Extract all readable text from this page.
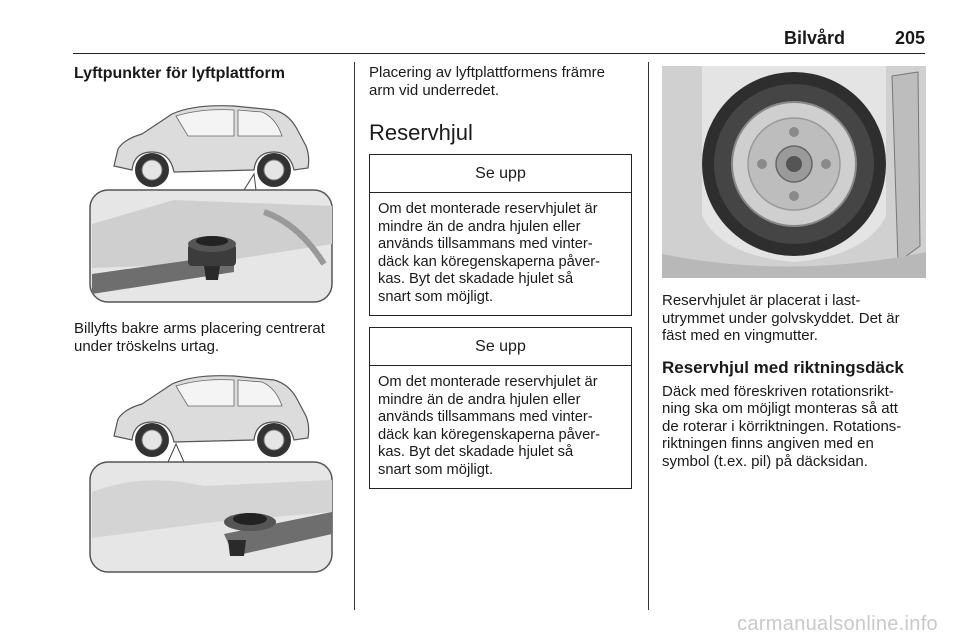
Bilvård	205
Lyftpunkter för lyftplattform
Billyfts bakre arms placering centrerat
under tröskelns urtag.
Placering av lyftplattformens främre
arm vid underredet.
Reservhjul
Se upp
Om det monterade reservhjulet är
mindre än de andra hjulen eller
används tillsammans med vinter-
däck kan köregenskaperna påver-
kas. Byt det skadade hjulet så
snart som möjligt.
Se upp
Om det monterade reservhjulet är
mindre än de andra hjulen eller
används tillsammans med vinter-
däck kan köregenskaperna påver-
kas. Byt det skadade hjulet så
snart som möjligt.
Reservhjulet är placerat i last-
utrymmet under golvskyddet. Det är
fäst med en vingmutter.
Reservhjul med riktningsdäck
Däck med föreskriven rotationsrikt-
ning ska om möjligt monteras så att
de roterar i körriktningen. Rotations-
riktningen finns angiven med en
symbol (t.ex. pil) på däcksidan.
carmanualsonline.info
